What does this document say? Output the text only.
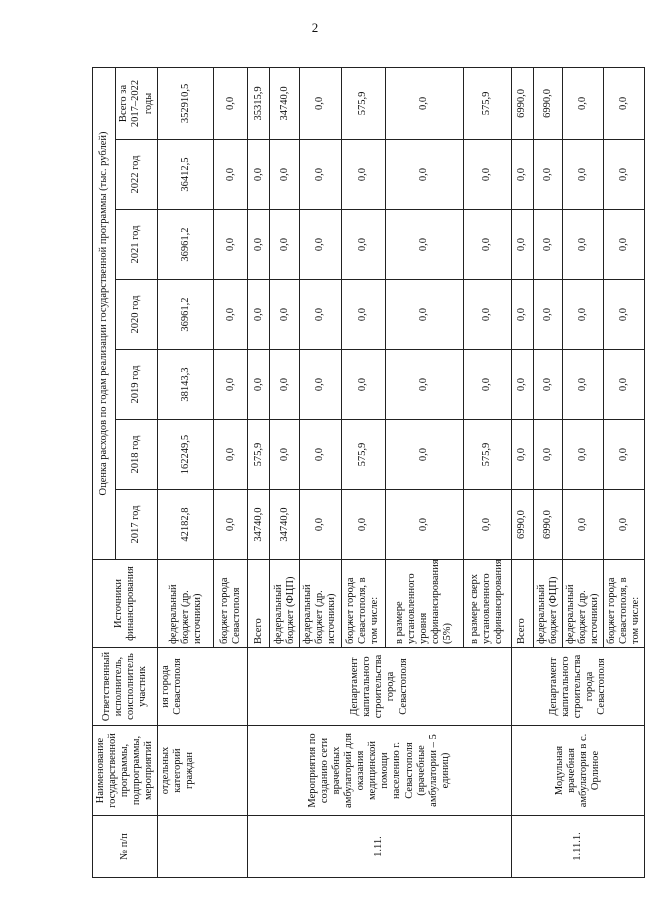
2
№ п/п	Наименование государственной программы, подпрограммы, мероприятий	Ответственный исполнитель, соисполнитель участник	Источники финансирования	Оценка расходов по годам реализации государственной программы (тыс. рублей)						
				2017 год	2018 год	2019 год	2020 год	2021 год	2022 год	Всего за 2017–2022 годы
	отдельных категорий граждан	ия города Севастополя	федеральный бюджет (др. источники)	42182,8	162249,5	38143,3	36961,2	36961,2	36412,5	352910,5
			бюджет города Севастополя	0,0	0,0	0,0	0,0	0,0	0,0	0,0
1.11.	Мероприятия по созданию сети врачебных амбулаторий для оказания медицинской помощи населению г. Севастополя (врачебные амбулатории – 5 единиц)	Департамент капитального строительства города Севастополя	Всего	34740,0	575,9	0,0	0,0	0,0	0,0	35315,9
			федеральный бюджет (ФЦП)	34740,0	0,0	0,0	0,0	0,0	0,0	34740,0
			федеральный бюджет (др. источники)	0,0	0,0	0,0	0,0	0,0	0,0	0,0
			бюджет города Севастополя, в том числе:	0,0	575,9	0,0	0,0	0,0	0,0	575,9
			в размере установленного уровня софинансирования (5%)	0,0	0,0	0,0	0,0	0,0	0,0	0,0
			в размере сверх установленного софинансирования	0,0	575,9	0,0	0,0	0,0	0,0	575,9
1.11.1.	Модульная врачебная амбулатория в с. Орлиное	Департамент капитального строительства города Севастополя	Всего	6990,0	0,0	0,0	0,0	0,0	0,0	6990,0
			федеральный бюджет (ФЦП)	6990,0	0,0	0,0	0,0	0,0	0,0	6990,0
			федеральный бюджет (др. источники)	0,0	0,0	0,0	0,0	0,0	0,0	0,0
			бюджет города Севастополя, в том числе:	0,0	0,0	0,0	0,0	0,0	0,0	0,0
